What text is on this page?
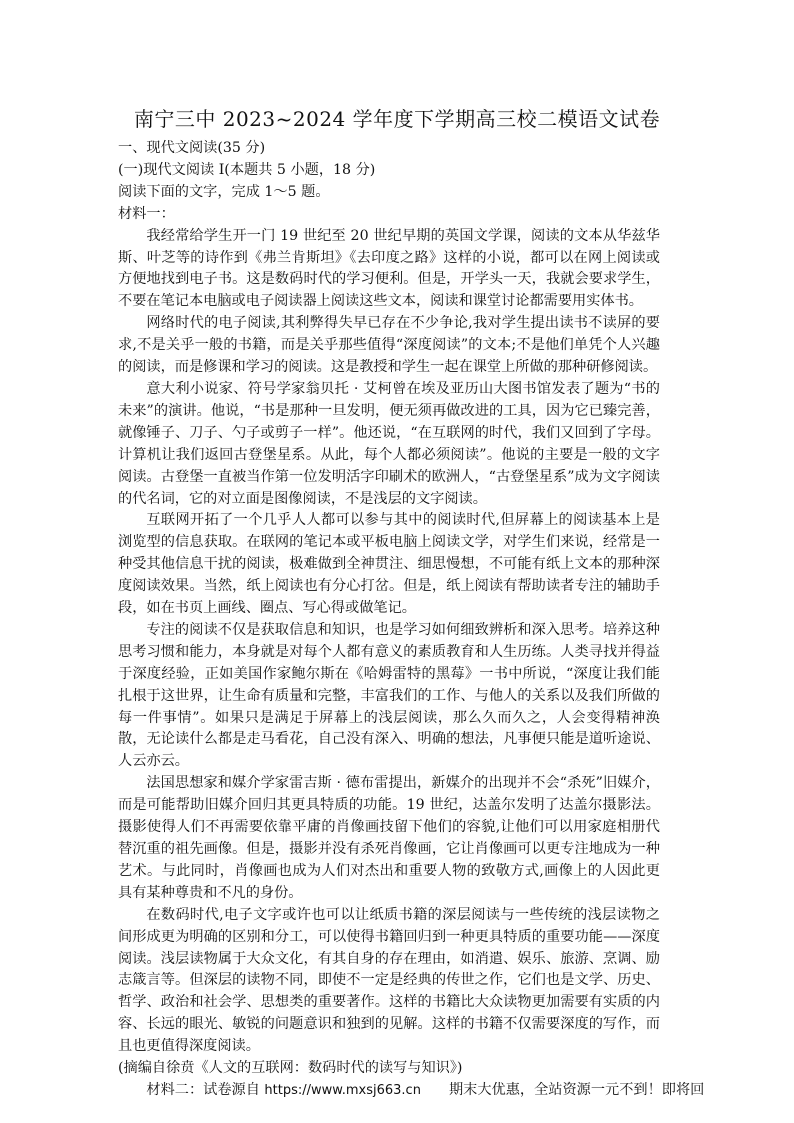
南宁三中 2023~2024 学年度下学期高三校二模语文试卷

一、现代文阅读(35 分)

(一)现代文阅读 I(本题共 5 小题，18 分)

阅读下面的文字，完成 1～5 题。

材料一：

我经常给学生开一门 19 世纪至 20 世纪早期的英国文学课，阅读的文本从华兹华斯、叶芝等的诗作到《弗兰肯斯坦》《去印度之路》这样的小说，都可以在网上阅读或方便地找到电子书。这是数码时代的学习便利。但是，开学头一天，我就会要求学生，不要在笔记本电脑或电子阅读器上阅读这些文本，阅读和课堂讨论都需要用实体书。

网络时代的电子阅读,其利弊得失早已存在不少争论,我对学生提出读书不读屏的要求,不是关乎一般的书籍，而是关乎那些值得“深度阅读”的文本;不是他们单凭个人兴趣的阅读，而是修课和学习的阅读。这是教授和学生一起在课堂上所做的那种研修阅读。

意大利小说家、符号学家翁贝托 · 艾柯曾在埃及亚历山大图书馆发表了题为“书的未来”的演讲。他说，“书是那种一旦发明，便无须再做改进的工具，因为它已臻完善，就像锤子、刀子、勺子或剪子一样”。他还说，“在互联网的时代，我们又回到了字母。计算机让我们返回古登堡星系。从此，每个人都必须阅读”。他说的主要是一般的文字阅读。古登堡一直被当作第一位发明活字印刷术的欧洲人，“古登堡星系”成为文字阅读的代名词，它的对立面是图像阅读，不是浅层的文字阅读。

互联网开拓了一个几乎人人都可以参与其中的阅读时代,但屏幕上的阅读基本上是浏览型的信息获取。在联网的笔记本或平板电脑上阅读文学，对学生们来说，经常是一种受其他信息干扰的阅读，极难做到全神贯注、细思慢想，不可能有纸上文本的那种深度阅读效果。当然，纸上阅读也有分心打岔。但是，纸上阅读有帮助读者专注的辅助手段，如在书页上画线、圈点、写心得或做笔记。

专注的阅读不仅是获取信息和知识，也是学习如何细致辨析和深入思考。培养这种思考习惯和能力，本身就是对每个人都有意义的素质教育和人生历练。人类寻找并得益于深度经验，正如美国作家鲍尔斯在《哈姆雷特的黑莓》一书中所说，“深度让我们能扎根于这世界，让生命有质量和完整，丰富我们的工作、与他人的关系以及我们所做的每一件事情”。如果只是满足于屏幕上的浅层阅读，那么久而久之，人会变得精神涣散，无论读什么都是走马看花，自己没有深入、明确的想法，凡事便只能是道听途说、人云亦云。

法国思想家和媒介学家雷吉斯 · 德布雷提出，新媒介的出现并不会“杀死”旧媒介，而是可能帮助旧媒介回归其更具特质的功能。19 世纪，达盖尔发明了达盖尔摄影法。摄影使得人们不再需要依靠平庸的肖像画技留下他们的容貌,让他们可以用家庭相册代替沉重的祖先画像。但是，摄影并没有杀死肖像画，它让肖像画可以更专注地成为一种艺术。与此同时，肖像画也成为人们对杰出和重要人物的致敬方式,画像上的人因此更具有某种尊贵和不凡的身份。

在数码时代,电子文字或许也可以让纸质书籍的深层阅读与一些传统的浅层读物之间形成更为明确的区别和分工，可以使得书籍回归到一种更具特质的重要功能——深度阅读。浅层读物属于大众文化，有其自身的存在理由，如消遣、娱乐、旅游、烹调、励志箴言等。但深层的读物不同，即使不一定是经典的传世之作，它们也是文学、历史、哲学、政治和社会学、思想类的重要著作。这样的书籍比大众读物更加需要有实质的内容、长远的眼光、敏锐的问题意识和独到的见解。这样的书籍不仅需要深度的写作，而且也更值得深度阅读。

(摘编自徐贲《人文的互联网：数码时代的读写与知识》)

材料二：试卷源自 https://www.mxsj663.cn 期末大优惠，全站资源一元不到！即将回
